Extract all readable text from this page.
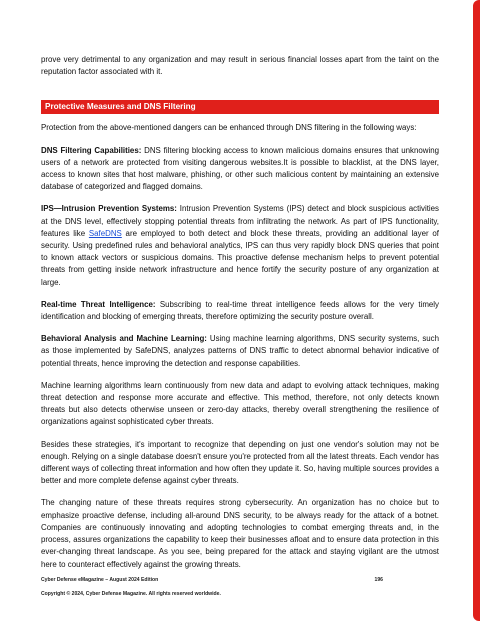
prove very detrimental to any organization and may result in serious financial losses apart from the taint on the reputation factor associated with it.

Protective Measures and DNS Filtering

Protection from the above-mentioned dangers can be enhanced through DNS filtering in the following ways:

DNS Filtering Capabilities: DNS filtering blocking access to known malicious domains ensures that unknowing users of a network are protected from visiting dangerous websites.It is possible to blacklist, at the DNS layer, access to known sites that host malware, phishing, or other such malicious content by maintaining an extensive database of categorized and flagged domains.

IPS—Intrusion Prevention Systems: Intrusion Prevention Systems (IPS) detect and block suspicious activities at the DNS level, effectively stopping potential threats from infiltrating the network. As part of IPS functionality, features like SafeDNS are employed to both detect and block these threats, providing an additional layer of security. Using predefined rules and behavioral analytics, IPS can thus very rapidly block DNS queries that point to known attack vectors or suspicious domains. This proactive defense mechanism helps to prevent potential threats from getting inside network infrastructure and hence fortify the security posture of any organization at large.

Real-time Threat Intelligence: Subscribing to real-time threat intelligence feeds allows for the very timely identification and blocking of emerging threats, therefore optimizing the security posture overall.

Behavioral Analysis and Machine Learning: Using machine learning algorithms, DNS security systems, such as those implemented by SafeDNS, analyzes patterns of DNS traffic to detect abnormal behavior indicative of potential threats, hence improving the detection and response capabilities.

Machine learning algorithms learn continuously from new data and adapt to evolving attack techniques, making threat detection and response more accurate and effective. This method, therefore, not only detects known threats but also detects otherwise unseen or zero-day attacks, thereby overall strengthening the resilience of organizations against sophisticated cyber threats.

Besides these strategies, it's important to recognize that depending on just one vendor's solution may not be enough. Relying on a single database doesn't ensure you're protected from all the latest threats. Each vendor has different ways of collecting threat information and how often they update it. So, having multiple sources provides a better and more complete defense against cyber threats.

The changing nature of these threats requires strong cybersecurity. An organization has no choice but to emphasize proactive defense, including all-around DNS security, to be always ready for the attack of a botnet. Companies are continuously innovating and adopting technologies to combat emerging threats and, in the process, assures organizations the capability to keep their businesses afloat and to ensure data protection in this ever-changing threat landscape. As you see, being prepared for the attack and staying vigilant are the utmost here to counteract effectively against the growing threats.

Cyber Defense eMagazine – August 2024 Edition	196
Copyright © 2024, Cyber Defense Magazine. All rights reserved worldwide.
